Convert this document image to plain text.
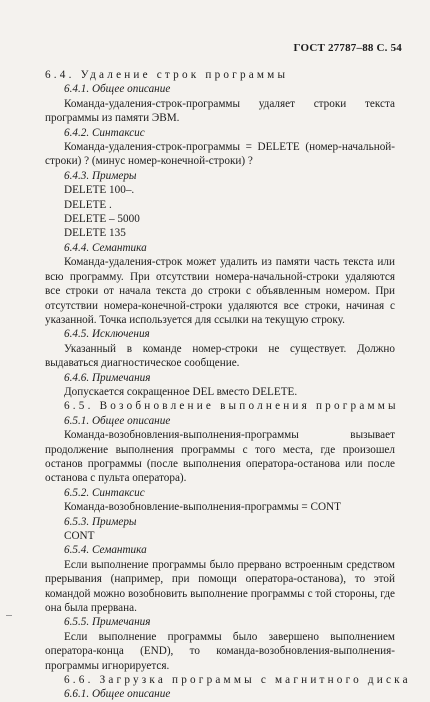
ГОСТ 27787–88 С. 54
6.4. Удаление строк программы
6.4.1. Общее описание
Команда-удаления-строк-программы удаляет строки текста программы из памяти ЭВМ.
6.4.2. Синтаксис
Команда-удаления-строк-программы = DELETE (номер-начальной-строки) ? (минус номер-конечной-строки) ?
6.4.3. Примеры
DELETE 100–.
DELETE .
DELETE – 5000
DELETE 135
6.4.4. Семантика
Команда-удаления-строк может удалить из памяти часть текста или всю программу. При отсутствии номера-начальной-строки удаляются все строки от начала текста до строки с объявленным номером. При отсутствии номера-конечной-строки удаляются все строки, начиная с указанной. Точка используется для ссылки на текущую строку.
6.4.5. Исключения
Указанный в команде номер-строки не существует. Должно выдаваться диагностическое сообщение.
6.4.6. Примечания
Допускается сокращенное DEL вместо DELETE.
6.5. Возобновление выполнения программы
6.5.1. Общее описание
Команда-возобновления-выполнения-программы вызывает продолжение выполнения программы с того места, где произошел останов программы (после выполнения оператора-останова или после останова с пульта оператора).
6.5.2. Синтаксис
Команда-возобновление-выполнения-программы = CONT
6.5.3. Примеры
CONT
6.5.4. Семантика
Если выполнение программы было прервано встроенным средством прерывания (например, при помощи оператора-останова), то этой командой можно возобновить выполнение программы с той стороны, где она была прервана.
6.5.5. Примечания
Если выполнение программы было завершено выполнением оператора-конца (END), то команда-возобновления-выполнения-программы игнорируется.
6.6. Загрузка программы с магнитного диска
6.6.1. Общее описание
